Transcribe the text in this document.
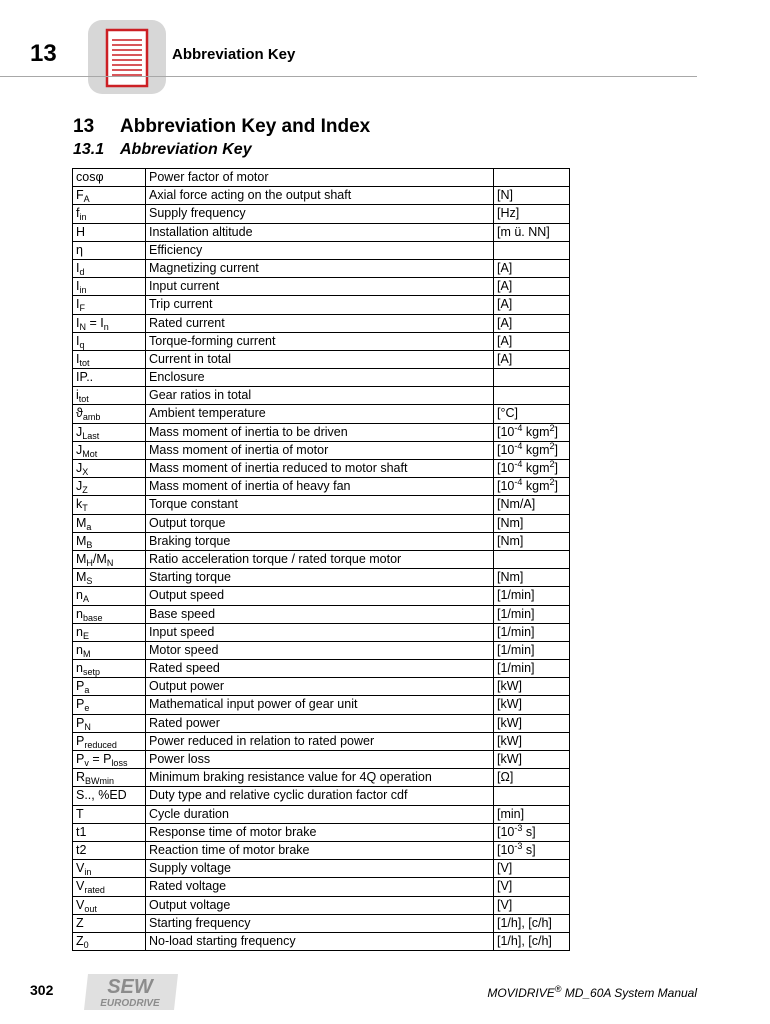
13	Abbreviation Key
13 Abbreviation Key and Index
13.1 Abbreviation Key
cosφ	Power factor of motor	
$F_A$	Axial force acting on the output shaft	[N]
$f_{in}$	Supply frequency	[Hz]
H	Installation altitude	[m ü. NN]
η	Efficiency	
$I_d$	Magnetizing current	[A]
$I_{in}$	Input current	[A]
$I_F$	Trip current	[A]
$I_N = I_n$	Rated current	[A]
$I_q$	Torque-forming current	[A]
$I_{tot}$	Current in total	[A]
IP..	Enclosure	
$i_{tot}$	Gear ratios in total	
$ϑ_{amb}$	Ambient temperature	[°C]
$J_{Last}$	Mass moment of inertia to be driven	[$10^{-4}$ kgm$^2$]
$J_{Mot}$	Mass moment of inertia of motor	[$10^{-4}$ kgm$^2$]
$J_X$	Mass moment of inertia reduced to motor shaft	[$10^{-4}$ kgm$^2$]
$J_Z$	Mass moment of inertia of heavy fan	[$10^{-4}$ kgm$^2$]
$k_T$	Torque constant	[Nm/A]
$M_a$	Output torque	[Nm]
$M_B$	Braking torque	[Nm]
$M_H/M_N$	Ratio acceleration torque / rated torque motor	
$M_S$	Starting torque	[Nm]
$n_A$	Output speed	[1/min]
$n_{base}$	Base speed	[1/min]
$n_E$	Input speed	[1/min]
$n_M$	Motor speed	[1/min]
$n_{setp}$	Rated speed	[1/min]
$P_a$	Output power	[kW]
$P_e$	Mathematical input power of gear unit	[kW]
$P_N$	Rated power	[kW]
$P_{reduced}$	Power reduced in relation to rated power	[kW]
$P_v = P_{loss}$	Power loss	[kW]
$R_{BWmin}$	Minimum braking resistance value for 4Q operation	[Ω]
S.., %ED	Duty type and relative cyclic duration factor cdf	
T	Cycle duration	[min]
t1	Response time of motor brake	[$10^{-3}$ s]
t2	Reaction time of motor brake	[$10^{-3}$ s]
$V_{in}$	Supply voltage	[V]
$V_{rated}$	Rated voltage	[V]
$V_{out}$	Output voltage	[V]
Z	Starting frequency	[1/h], [c/h]
$Z_0$	No-load starting frequency	[1/h], [c/h]
302	SEW
EURODRIVE
MOVIDRIVE® MD_60A System Manual
